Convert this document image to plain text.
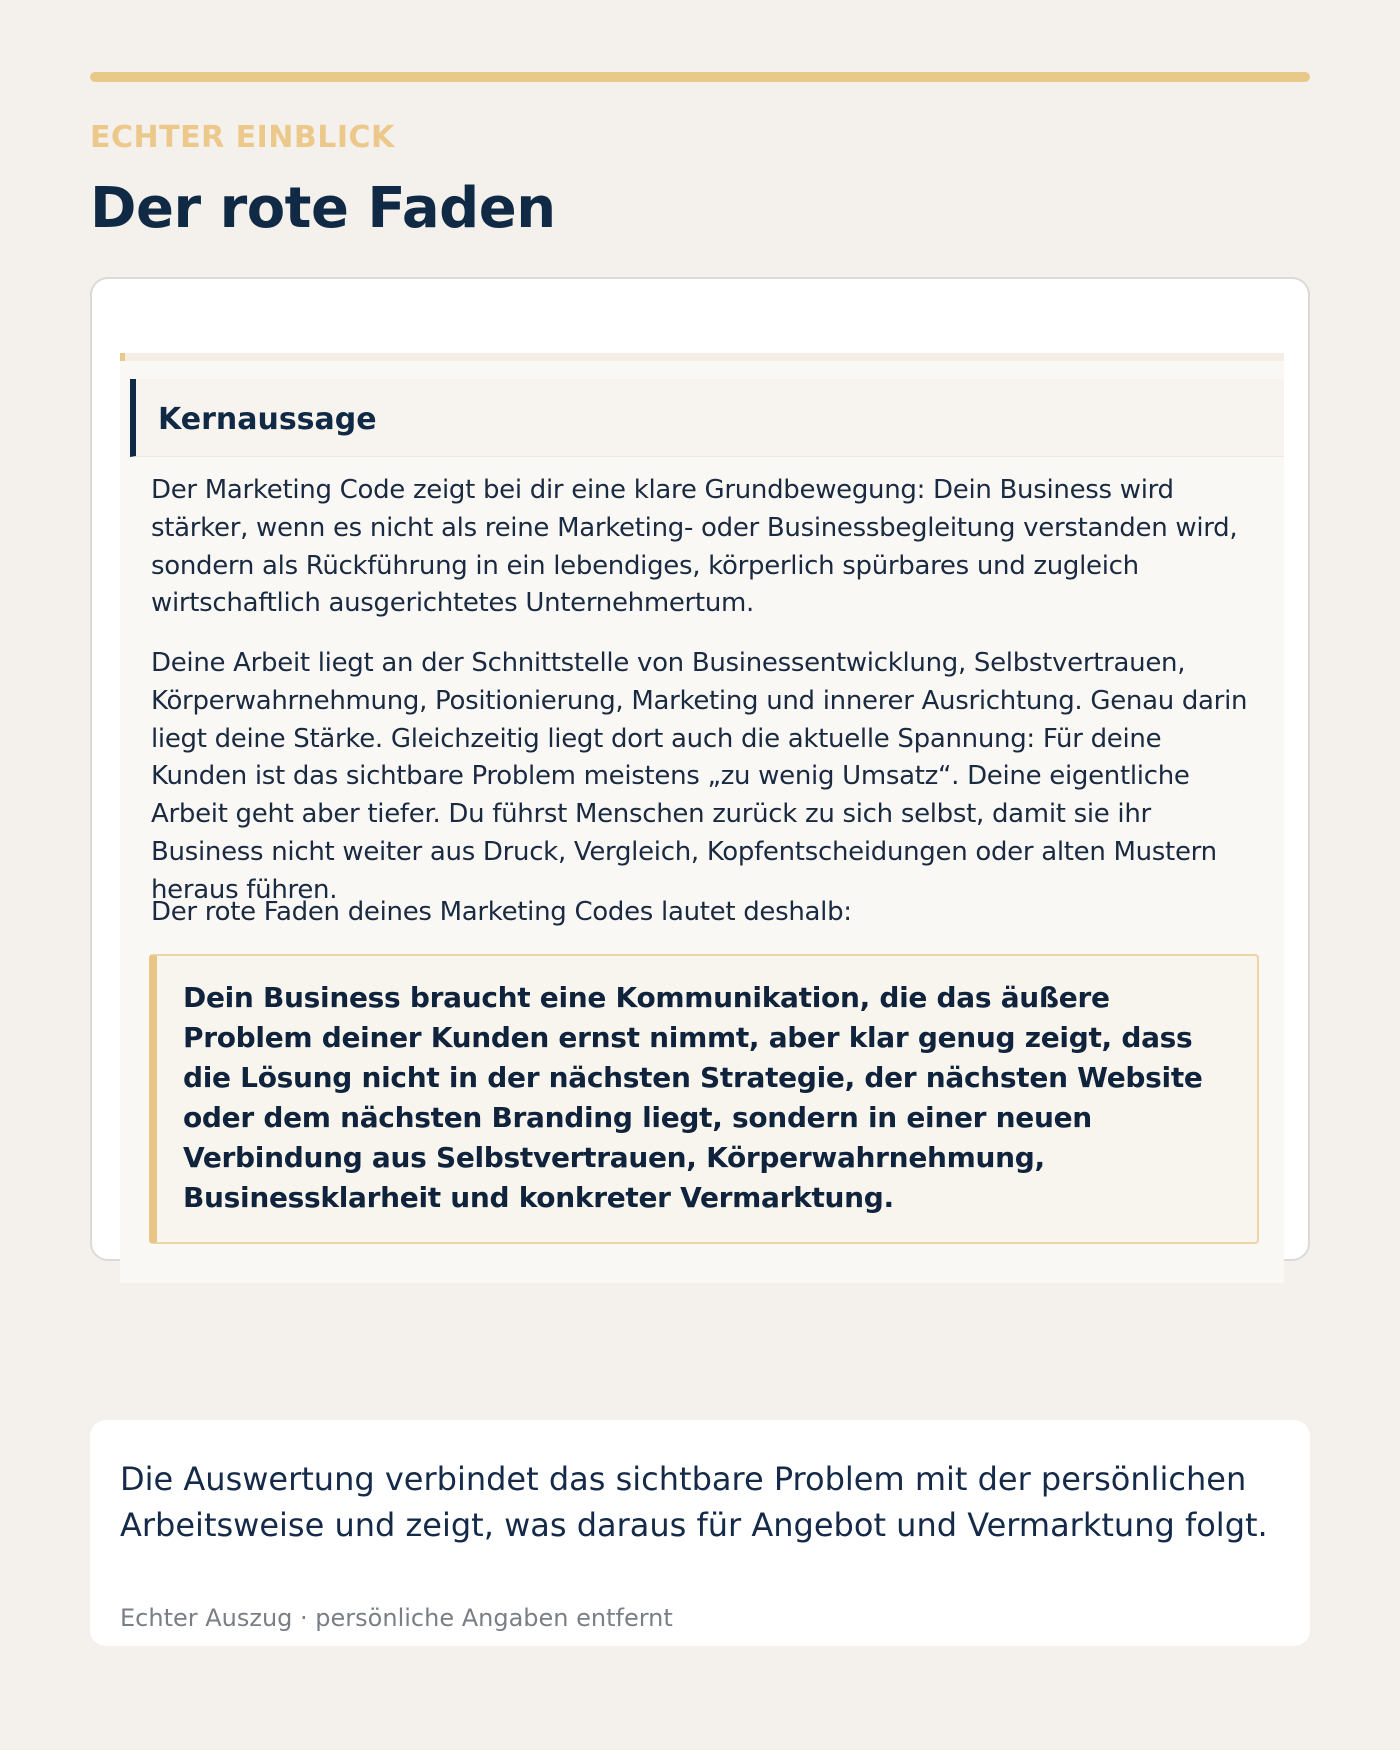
ECHTER EINBLICK
Der rote Faden
Kernaussage

Der Marketing Code zeigt bei dir eine klare Grundbewegung: Dein Business wird stärker, wenn es nicht als reine Marketing- oder Businessbegleitung verstanden wird, sondern als Rückführung in ein lebendiges, körperlich spürbares und zugleich wirtschaftlich ausgerichtetes Unternehmertum.

Deine Arbeit liegt an der Schnittstelle von Businessentwicklung, Selbstvertrauen, Körperwahrnehmung, Positionierung, Marketing und innerer Ausrichtung. Genau darin liegt deine Stärke. Gleichzeitig liegt dort auch die aktuelle Spannung: Für deine Kunden ist das sichtbare Problem meistens „zu wenig Umsatz“. Deine eigentliche Arbeit geht aber tiefer. Du führst Menschen zurück zu sich selbst, damit sie ihr Business nicht weiter aus Druck, Vergleich, Kopfentscheidungen oder alten Mustern heraus führen.

Der rote Faden deines Marketing Codes lautet deshalb:

Dein Business braucht eine Kommunikation, die das äußere Problem deiner Kunden ernst nimmt, aber klar genug zeigt, dass die Lösung nicht in der nächsten Strategie, der nächsten Website oder dem nächsten Branding liegt, sondern in einer neuen Verbindung aus Selbstvertrauen, Körperwahrnehmung, Businessklarheit und konkreter Vermarktung.

Die Auswertung verbindet das sichtbare Problem mit der persönlichen Arbeitsweise und zeigt, was daraus für Angebot und Vermarktung folgt.

Echter Auszug · persönliche Angaben entfernt
